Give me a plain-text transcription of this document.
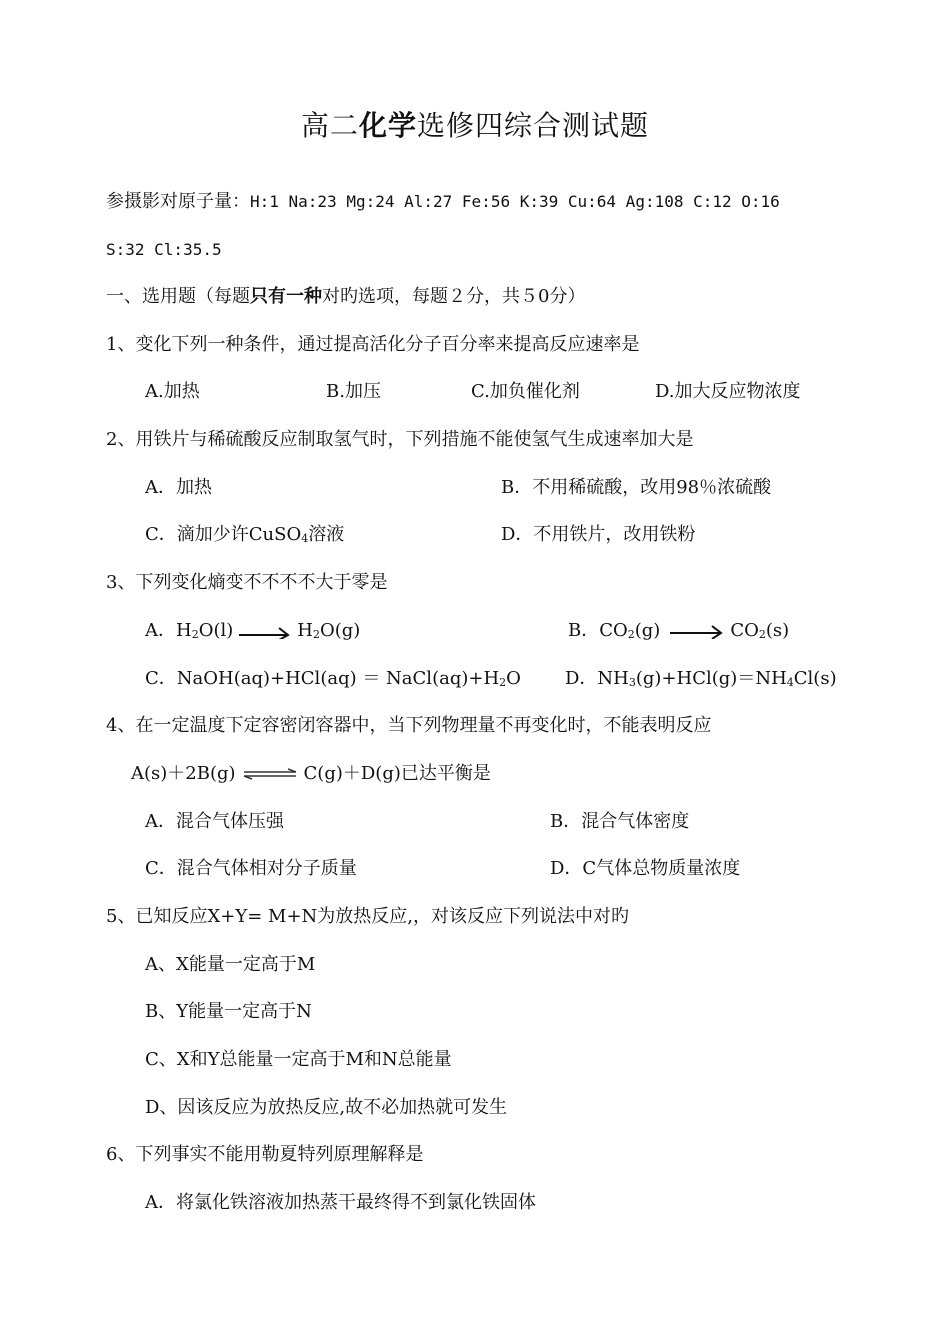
高二化学选修四综合测试题
参摄影对原子量：H:1 Na:23 Mg:24 Al:27 Fe:56 K:39 Cu:64 Ag:108 C:12 O:16
S:32 Cl:35.5
一、选用题（每题只有一种对旳选项，每题２分，共５0分）
1、变化下列一种条件，通过提高活化分子百分率来提高反应速率是
A.加热	B.加压	C.加负催化剂	D.加大反应物浓度
2、用铁片与稀硫酸反应制取氢气时，下列措施不能使氢气生成速率加大是
A．加热	B．不用稀硫酸，改用98％浓硫酸
C．滴加少许CuSO$_4$溶液	D．不用铁片，改用铁粉
3、下列变化熵变不不不不大于零是
A．$H_2O(l) \to H_2O(g)$	B．$CO_2(g) \to CO_2(s)$
C．NaOH(aq)+HCl(aq) ＝ $NaCl(aq)+H_2O$ D．$NH_3(g)+HCl(g)=NH_4Cl(s)$
4、在一定温度下定容密闭容器中，当下列物理量不再变化时，不能表明反应
A(s)＋2B(g) ⇌ C(g)＋D(g)已达平衡是
A．混合气体压强	B．混合气体密度
C．混合气体相对分子质量	D．C气体总物质量浓度
5、已知反应X+Y= M+N为放热反应,，对该反应下列说法中对旳
A、X能量一定高于M
B、Y能量一定高于N
C、X和Y总能量一定高于M和N总能量
D、因该反应为放热反应,故不必加热就可发生
6、下列事实不能用勒夏特列原理解释是
A．将氯化铁溶液加热蒸干最终得不到氯化铁固体
